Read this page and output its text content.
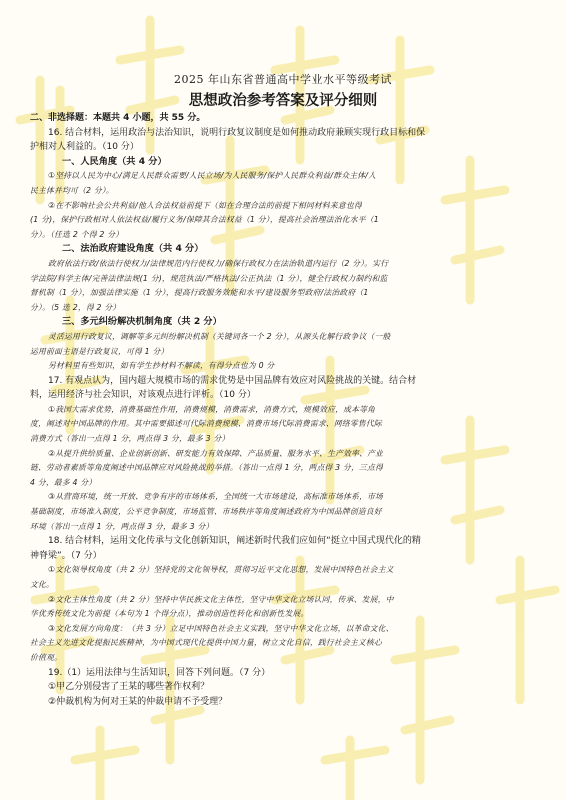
2025 年山东省普通高中学业水平等级考试
思想政治参考答案及评分细则
二、非选择题：本题共 4 小题，共 55 分。
16. 结合材料，运用政治与法治知识，说明行政复议制度是如何推动政府兼顾实现行政目标和保
护相对人利益的。（10 分）
一、人民角度（共 4 分）
①坚持以人民为中心/满足人民群众需要/人民立场/为人民服务/保护人民群众利益/群众主体/人
民主体并均可（2 分）。
②在不影响社会公共利益/他人合法权益前提下（如在合理合法的前提下相同材料来意也得
(1 分)，保护行政相对人依法权益/履行义务/保障其合法权益（1 分），提高社会治理法治化水平（1
分）。（任选 2 个得 2 分）
二、法治政府建设角度（共 4 分）
政府依法行政/依法行使权力/法律规范内行使权力/确保行政权力在法治轨道内运行（2 分）。实行
学法院/科学主体/完善法律法规(1 分)，规范执法/严格执法/公正执法（1 分），健全行政权力制约和监
督机制（1 分），加强法律实施（1 分），提高行政服务效能和水平/建设服务型政府/法治政府（1
分）。（5 选 2，得 2 分）
三、多元纠纷解决机制角度（共 2 分）
灵活运用行政复议，调解等多元纠纷解决机制（关键词各一个 2 分），从源头化解行政争议（一般
运用前面主语是行政复议，可得 1 分）
另材料里有些知识，如有学生抄材料不解读，有得分点也为 0 分
17. 有观点认为，国内超大规模市场的需求优势是中国品牌有效应对风险挑战的关键。结合材
料，运用经济与社会知识，对该观点进行评析。（10 分）
①我国大需求优势，消费基础性作用，消费规模，消费需求，消费方式，规模效应，成本等角
度，阐述对中国品牌的作用。其中需要描述可代际消费规模、消费市场代际消费需求、网络零售代际
消费方式（答出一点得 1 分，两点得 3 分，最多 3 分）
②从提升供给质量、企业创新创新、研发能力有效保障、产品质量、服务水平、生产效率、产业
链、劳动者素质等角度阐述中国品牌应对风险挑战的举措。（答出一点得 1 分，两点得 3 分，三点得
4 分，最多 4 分）
③从营商环境，统一开放、竞争有序的市场体系，全国统一大市场建设，高标准市场体系，市场
基础制度，市场准入制度，公平竞争制度，市场监管、市场秩序等角度阐述政府为中国品牌创造良好
环境（答出一点得 1 分，两点得 3 分，最多 3 分）
18. 结合材料，运用文化传承与文化创新知识，阐述新时代我们应如何“挺立中国式现代化的精
神脊梁”。（7 分）
①文化领导权角度（共 2 分）坚持党的文化领导权，贯彻习近平文化思想，发展中国特色社会主义
文化。
②文化主体性角度（共 2 分）坚持中华民族文化主体性，坚守中华文化立场认同，传承、发展，中
华优秀传统文化为前提（本句为 1 个得分点），推动创造性转化和创新性发展。
③文化发展方向角度：（共 3 分）立足中国特色社会主义实践，坚守中华文化立场，以革命文化、
社会主义先进文化提振民族精神，为中国式现代化提供中国力量，树立文化自信，践行社会主义核心
价值观。
19.（1）运用法律与生活知识，回答下列问题。（7 分）
①甲乙分别侵害了王某的哪些著作权利？
②仲裁机构为何对王某的仲裁申请不予受理？
